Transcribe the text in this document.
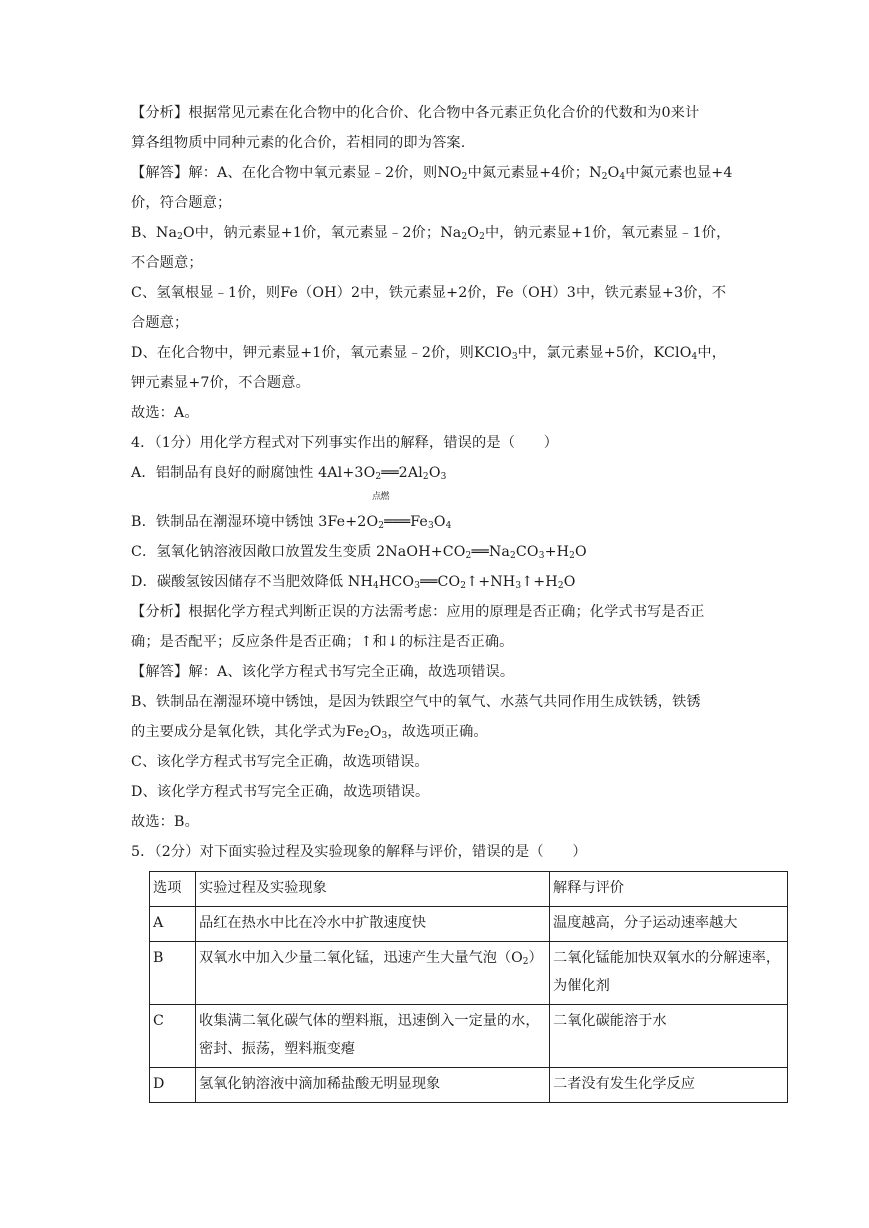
【分析】根据常见元素在化合物中的化合价、化合物中各元素正负化合价的代数和为0来计
算各组物质中同种元素的化合价，若相同的即为答案.
【解答】解：A、在化合物中氧元素显﹣2价，则$NO_2$中氮元素显+4价；$N_2O_4$中氮元素也显+4
价，符合题意；
B、$Na_2O$中，钠元素显+1价，氧元素显﹣2价；$Na_2O_2$中，钠元素显+1价，氧元素显﹣1价，
不合题意；
C、氢氧根显﹣1价，则Fe（OH）2中，铁元素显+2价，Fe（OH）3中，铁元素显+3价，不
合题意；
D、在化合物中，钾元素显+1价，氧元素显﹣2价，则KClO$_3$中，氯元素显+5价，KClO$_4$中，
钾元素显+7价，不合题意。
故选：A。
4．（1分）用化学方程式对下列事实作出的解释，错误的是（　　）
A．铝制品有良好的耐腐蚀性 $4Al+3O_2══2Al_2O_3$
点燃
B．铁制品在潮湿环境中锈蚀 $3Fe+2O_2═══Fe_3O_4$
C．氢氧化钠溶液因敞口放置发生变质 $2NaOH+CO_2══Na_2CO_3+H_2O$
D．碳酸氢铵因储存不当肥效降低 $NH_4HCO_3══CO_2↑+NH_3↑+H_2O$
【分析】根据化学方程式判断正误的方法需考虑：应用的原理是否正确；化学式书写是否正
确；是否配平；反应条件是否正确；↑和↓的标注是否正确。
【解答】解：A、该化学方程式书写完全正确，故选项错误。
B、铁制品在潮湿环境中锈蚀，是因为铁跟空气中的氧气、水蒸气共同作用生成铁锈，铁锈
的主要成分是氧化铁，其化学式为$Fe_2O_3$，故选项正确。
C、该化学方程式书写完全正确，故选项错误。
D、该化学方程式书写完全正确，故选项错误。
故选：B。
5．（2分）对下面实验过程及实验现象的解释与评价，错误的是（　　）
选项	实验过程及实验现象	解释与评价
A	品红在热水中比在冷水中扩散速度快	温度越高，分子运动速率越大
B	双氧水中加入少量二氧化锰，迅速产生大量气泡$(O_2)$	二氧化锰能加快双氧水的分解速率，为催化剂
C	收集满二氧化碳气体的塑料瓶，迅速倒入一定量的水，密封、振荡，塑料瓶变瘪	二氧化碳能溶于水
D	氢氧化钠溶液中滴加稀盐酸无明显现象	二者没有发生化学反应
